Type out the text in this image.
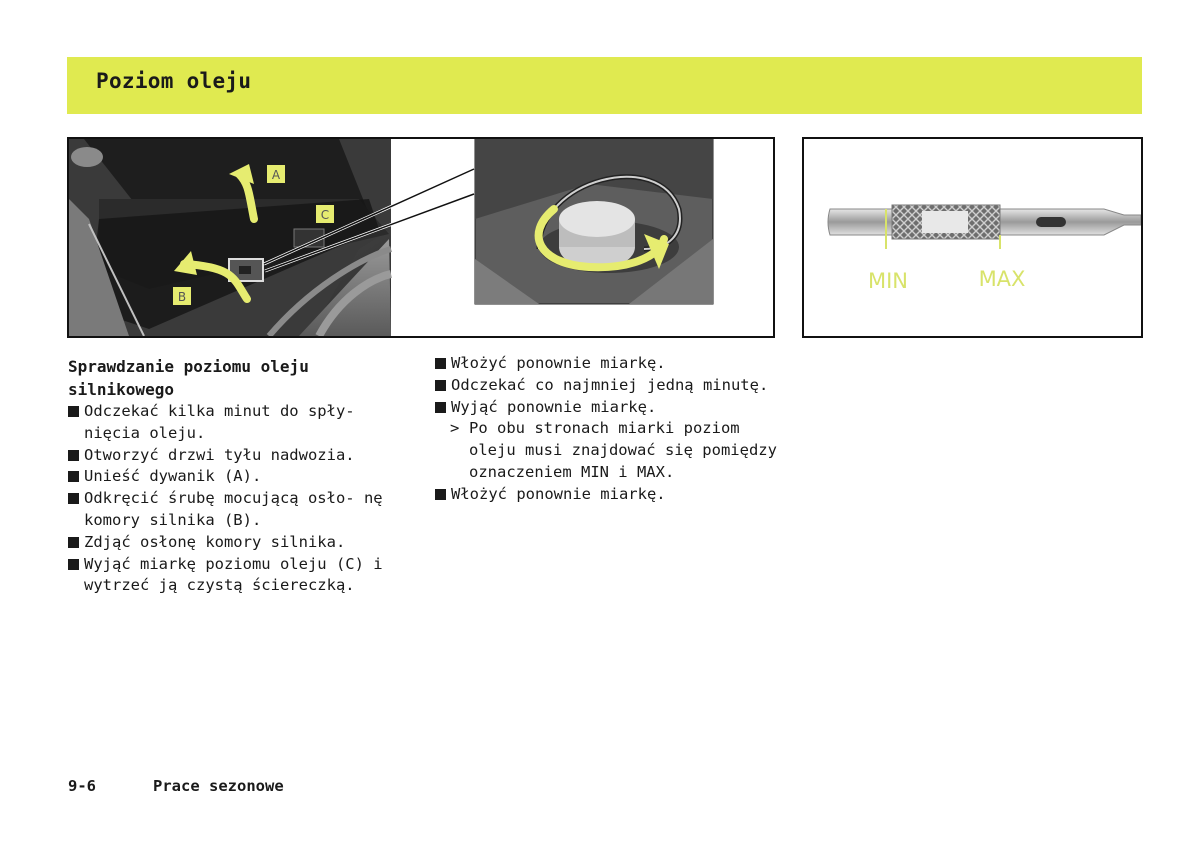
Poziom oleju
A
B
C
MIN	MAX
Sprawdzanie poziomu oleju silnikowego
Odczekać kilka minut do spły- nięcia oleju.
Otworzyć drzwi tyłu nadwozia.
Unieść dywanik (A).
Odkręcić śrubę mocującą osło- nę komory silnika (B).
Zdjąć osłonę komory silnika.
Wyjąć miarkę poziomu oleju (C) i wytrzeć ją czystą ściereczką.
Włożyć ponownie miarkę.
Odczekać co najmniej jedną minutę.
Wyjąć ponownie miarkę.
> Po obu stronach miarki poziom oleju musi znajdować się pomiędzy oznaczeniem MIN i MAX.
Włożyć ponownie miarkę.
9-6	Prace sezonowe
